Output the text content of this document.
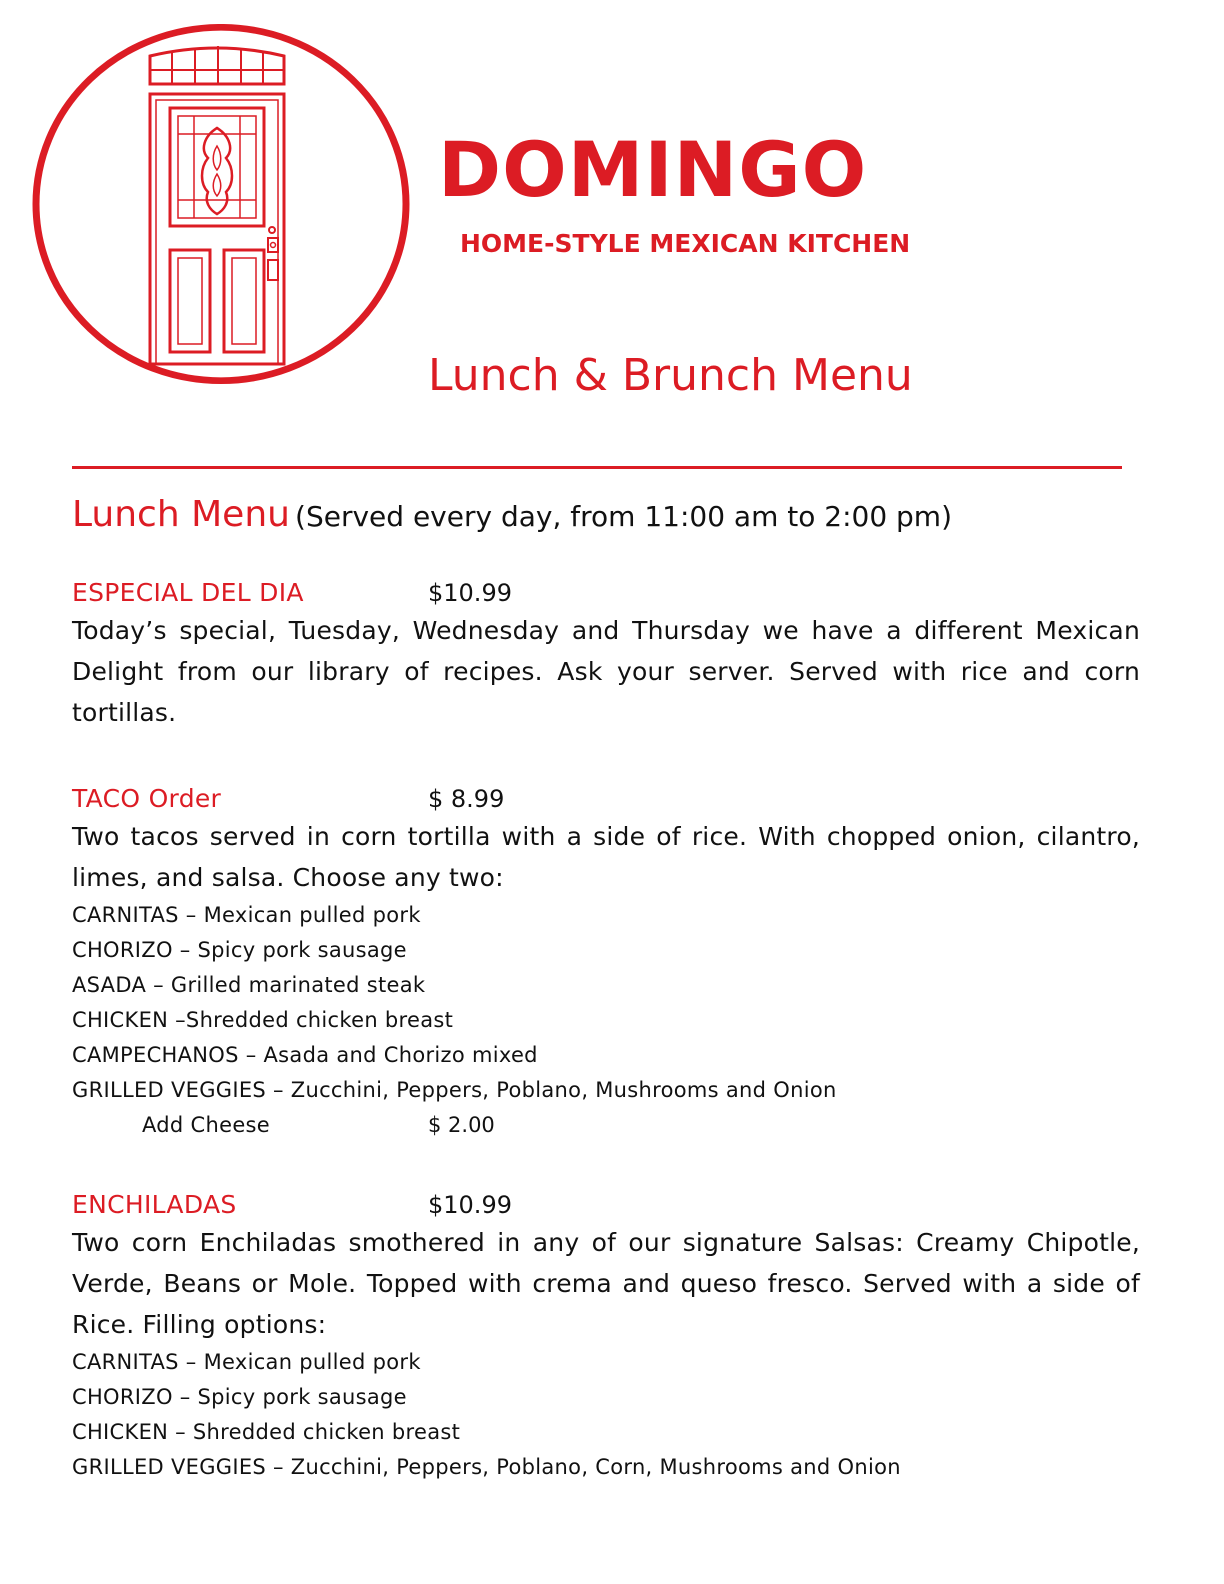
DOMINGO
HOME-STYLE MEXICAN KITCHEN
Lunch & Brunch Menu
Lunch Menu (Served every day, from 11:00 am to 2:00 pm)
ESPECIAL DEL DIA	$10.99

Today’s special, Tuesday, Wednesday and Thursday we have a different Mexican Delight from our library of recipes. Ask your server. Served with rice and corn tortillas.

TACO Order	$ 8.99

Two tacos served in corn tortilla with a side of rice. With chopped onion, cilantro, limes, and salsa. Choose any two:

CARNITAS – Mexican pulled pork
CHORIZO – Spicy pork sausage
ASADA – Grilled marinated steak
CHICKEN –Shredded chicken breast
CAMPECHANOS – Asada and Chorizo mixed
GRILLED VEGGIES – Zucchini, Peppers, Poblano, Mushrooms and Onion
Add Cheese	$ 2.00
ENCHILADAS	$10.99

Two corn Enchiladas smothered in any of our signature Salsas: Creamy Chipotle, Verde, Beans or Mole. Topped with crema and queso fresco. Served with a side of Rice. Filling options:

CARNITAS – Mexican pulled pork
CHORIZO – Spicy pork sausage
CHICKEN – Shredded chicken breast
GRILLED VEGGIES – Zucchini, Peppers, Poblano, Corn, Mushrooms and Onion
